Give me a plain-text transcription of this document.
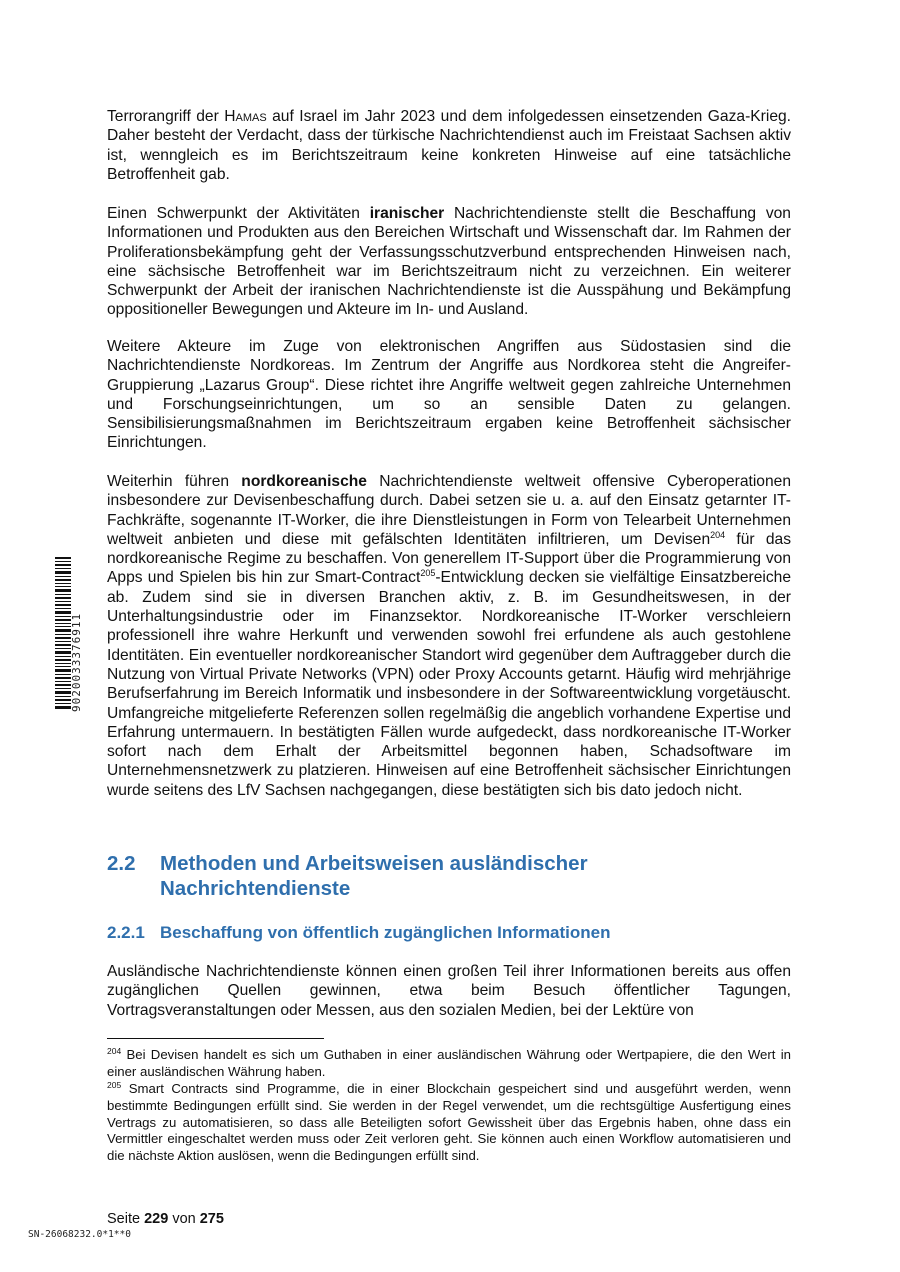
Terrorangriff der Hamas auf Israel im Jahr 2023 und dem infolgedessen einsetzenden Gaza-Krieg. Daher besteht der Verdacht, dass der türkische Nachrichtendienst auch im Freistaat Sachsen aktiv ist, wenngleich es im Berichtszeitraum keine konkreten Hinweise auf eine tatsächliche Betroffenheit gab.

Einen Schwerpunkt der Aktivitäten iranischer Nachrichtendienste stellt die Beschaffung von Informationen und Produkten aus den Bereichen Wirtschaft und Wissenschaft dar. Im Rahmen der Proliferationsbekämpfung geht der Verfassungsschutzverbund entsprechenden Hinweisen nach, eine sächsische Betroffenheit war im Berichtszeitraum nicht zu verzeichnen. Ein weiterer Schwerpunkt der Arbeit der iranischen Nachrichtendienste ist die Ausspähung und Bekämpfung oppositioneller Bewegungen und Akteure im In- und Ausland.

Weitere Akteure im Zuge von elektronischen Angriffen aus Südostasien sind die Nachrichtendienste Nordkoreas. Im Zentrum der Angriffe aus Nordkorea steht die Angreifer-Gruppierung „Lazarus Group“. Diese richtet ihre Angriffe weltweit gegen zahlreiche Unternehmen und Forschungseinrichtungen, um so an sensible Daten zu gelangen. Sensibilisierungsmaßnahmen im Berichtszeitraum ergaben keine Betroffenheit sächsischer Einrichtungen.

Weiterhin führen nordkoreanische Nachrichtendienste weltweit offensive Cyberoperationen insbesondere zur Devisenbeschaffung durch. Dabei setzen sie u. a. auf den Einsatz getarnter IT-Fachkräfte, sogenannte IT-Worker, die ihre Dienstleistungen in Form von Telearbeit Unternehmen weltweit anbieten und diese mit gefälschten Identitäten infiltrieren, um Devisen$^{204}$ für das nordkoreanische Regime zu beschaffen. Von generellem IT-Support über die Programmierung von Apps und Spielen bis hin zur Smart-Contract$^{205}$-Entwicklung decken sie vielfältige Einsatzbereiche ab. Zudem sind sie in diversen Branchen aktiv, z. B. im Gesundheitswesen, in der Unterhaltungsindustrie oder im Finanzsektor. Nordkoreanische IT-Worker verschleiern professionell ihre wahre Herkunft und verwenden sowohl frei erfundene als auch gestohlene Identitäten. Ein eventueller nordkoreanischer Standort wird gegenüber dem Auftraggeber durch die Nutzung von Virtual Private Networks (VPN) oder Proxy Accounts getarnt. Häufig wird mehrjährige Berufserfahrung im Bereich Informatik und insbesondere in der Softwareentwicklung vorgetäuscht. Umfangreiche mitgelieferte Referenzen sollen regelmäßig die angeblich vorhandene Expertise und Erfahrung untermauern. In bestätigten Fällen wurde aufgedeckt, dass nordkoreanische IT-Worker sofort nach dem Erhalt der Arbeitsmittel begonnen haben, Schadsoftware im Unternehmensnetzwerk zu platzieren. Hinweisen auf eine Betroffenheit sächsischer Einrichtungen wurde seitens des LfV Sachsen nachgegangen, diese bestätigten sich bis dato jedoch nicht.

2.2 Methoden und Arbeitsweisen ausländischer
Nachrichtendienste
2.2.1 Beschaffung von öffentlich zugänglichen Informationen

Ausländische Nachrichtendienste können einen großen Teil ihrer Informationen bereits aus offen zugänglichen Quellen gewinnen, etwa beim Besuch öffentlicher Tagungen, Vortragsveranstaltungen oder Messen, aus den sozialen Medien, bei der Lektüre von

$^{204}$ Bei Devisen handelt es sich um Guthaben in einer ausländischen Währung oder Wertpapiere, die den Wert in einer ausländischen Währung haben.

$^{205}$ Smart Contracts sind Programme, die in einer Blockchain gespeichert sind und ausgeführt werden, wenn bestimmte Bedingungen erfüllt sind. Sie werden in der Regel verwendet, um die rechtsgültige Ausfertigung eines Vertrags zu automatisieren, so dass alle Beteiligten sofort Gewissheit über das Ergebnis haben, ohne dass ein Vermittler eingeschaltet werden muss oder Zeit verloren geht. Sie können auch einen Workflow automatisieren und die nächste Aktion auslösen, wenn die Bedingungen erfüllt sind.

Seite 229 von 275
SN-26068232.0*1**0
9020033376911
